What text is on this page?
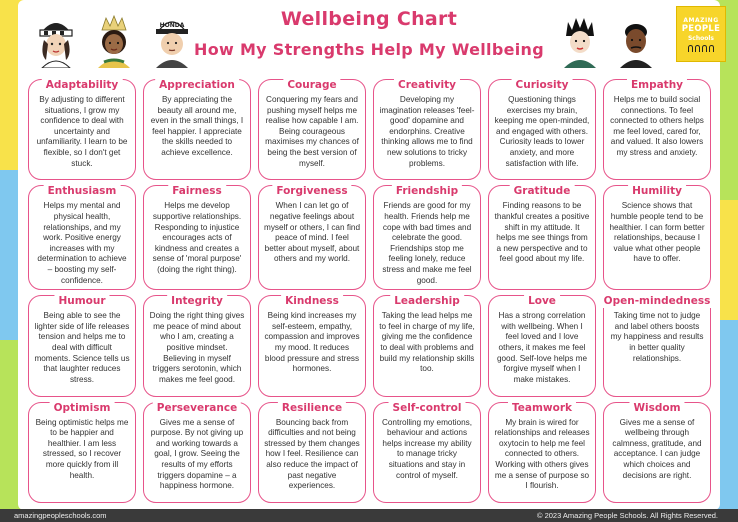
HONDA
AMAZING
PEOPLE
Schools
Wellbeing Chart
How My Strengths Help My Wellbeing
Adaptability
By adjusting to different situations, I grow my confidence to deal with uncertainty and unfamiliarity. I learn to be flexible, so I don't get stuck.
Appreciation
By appreciating the beauty all around me, even in the small things, I feel happier. I appreciate the skills needed to achieve excellence.
Courage
Conquering my fears and pushing myself helps me realise how capable I am. Being courageous maximises my chances of being the best version of myself.
Creativity
Developing my imagination releases 'feel-good' dopamine and endorphins. Creative thinking allows me to find new solutions to tricky problems.
Curiosity
Questioning things exercises my brain, keeping me open-minded, and engaged with others. Curiosity leads to lower anxiety, and more satisfaction with life.
Empathy
Helps me to build social connections. To feel connected to others helps me feel loved, cared for, and valued. It also lowers my stress and anxiety.
Enthusiasm
Helps my mental and physical health, relationships, and my work. Positive energy increases with my determination to achieve – boosting my self-confidence.
Fairness
Helps me develop supportive relationships. Responding to injustice encourages acts of kindness and creates a sense of 'moral purpose' (doing the right thing).
Forgiveness
When I can let go of negative feelings about myself or others, I can find peace of mind. I feel better about myself, about others and my world.
Friendship
Friends are good for my health. Friends help me cope with bad times and celebrate the good. Friendships stop me feeling lonely, reduce stress and make me feel good.
Gratitude
Finding reasons to be thankful creates a positive shift in my attitude. It helps me see things from a new perspective and to feel good about my life.
Humility
Science shows that humble people tend to be healthier. I can form better relationships, because I value what other people have to offer.
Humour
Being able to see the lighter side of life releases tension and helps me to deal with difficult moments. Science tells us that laughter reduces stress.
Integrity
Doing the right thing gives me peace of mind about who I am, creating a positive mindset. Believing in myself triggers serotonin, which makes me feel good.
Kindness
Being kind increases my self-esteem, empathy, compassion and improves my mood. It reduces blood pressure and stress hormones.
Leadership
Taking the lead helps me to feel in charge of my life, giving me the confidence to deal with problems and build my relationship skills too.
Love
Has a strong correlation with wellbeing. When I feel loved and I love others, it makes me feel good. Self-love helps me forgive myself when I make mistakes.
Open-mindedness
Taking time not to judge and label others boosts my happiness and results in better quality relationships.
Optimism
Being optimistic helps me to be happier and healthier. I am less stressed, so I recover more quickly from ill health.
Perseverance
Gives me a sense of purpose. By not giving up and working towards a goal, I grow. Seeing the results of my efforts triggers dopamine – a happiness hormone.
Resilience
Bouncing back from difficulties and not being stressed by them changes how I feel. Resilience can also reduce the impact of past negative experiences.
Self-control
Controlling my emotions, behaviour and actions helps increase my ability to manage tricky situations and stay in control of myself.
Teamwork
My brain is wired for relationships and releases oxytocin to help me feel connected to others. Working with others gives me a sense of purpose so I flourish.
Wisdom
Gives me a sense of wellbeing through calmness, gratitude, and acceptance. I can judge which choices and decisions are right.
amazingpeopleschools.com	© 2023 Amazing People Schools. All Rights Reserved.
